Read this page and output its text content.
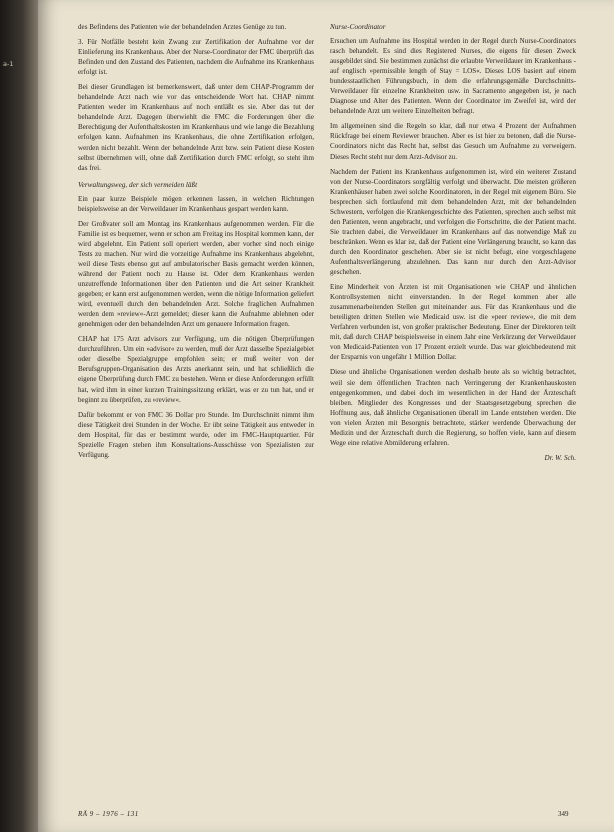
a-1

des Befindens des Patienten wie der behandelnden Arztes Genüge zu tun.

3. Für Notfälle besteht kein Zwang zur Zertifikation der Aufnahme vor der Einlieferung ins Krankenhaus. Aber der Nurse-Coordinator der FMC überprüft das Befinden und den Zustand des Patienten, nachdem die Aufnahme ins Krankenhaus erfolgt ist.

Bei dieser Grundlagen ist bemerkenswert, daß unter dem CHAP-Programm der behandelnde Arzt nach wie vor das entscheidende Wort hat. CHAP nimmt Patienten weder im Krankenhaus auf noch entläßt es sie. Aber das tut der behandelnde Arzt. Dagegen überwiehlt die FMC die Forderungen über die Berechtigung der Aufenthaltskosten im Krankenhaus und wie lange die Bezahlung erfolgen kann. Aufnahmen ins Krankenhaus, die ohne Zertifikation erfolgen, werden nicht bezahlt. Wenn der behandelnde Arzt bzw. sein Patient diese Kosten selbst übernehmen will, ohne daß Zertifikation durch FMC erfolgt, so steht ihm das frei.

Verwaltungsweg, der sich vermeiden läßt

Ein paar kurze Beispiele mögen erkennen lassen, in welchen Richtungen beispielsweise an der Verweildauer im Krankenhaus gespart werden kann.

Der Großvater soll am Montag ins Krankenhaus aufgenommen werden. Für die Familie ist es bequemer, wenn er schon am Freitag ins Hospital kommen kann, der wird abgelehnt. Ein Patient soll operiert werden, aber vorher sind noch einige Tests zu machen. Nur wird die vorzeitige Aufnahme ins Krankenhaus abgelehnt, weil diese Tests ebenso gut auf ambulatorischer Basis gemacht werden können, während der Patient noch zu Hause ist. Oder dem Krankenhaus werden unzutreffende Informationen über den Patienten und die Art seiner Krankheit gegeben; er kann erst aufgenommen werden, wenn die nötige Information geliefert wird, eventuell durch den behandelnden Arzt. Solche fraglichen Aufnahmen werden dem »review«-Arzt gemeldet; dieser kann die Aufnahme ablehnen oder genehmigen oder den behandelnden Arzt um genauere Information fragen.

CHAP hat 175 Arzt advisors zur Verfügung, um die nötigen Überprüfungen durchzuführen. Um ein »advisor« zu werden, muß der Arzt dasselbe Spezialgebiet oder dieselbe Spezialgruppe empfohlen sein; er muß weiter von der Berufsgruppen-Organisation des Arzts anerkannt sein, und hat schließlich die eigene Überprüfung durch FMC zu bestehen. Wenn er diese Anforderungen erfüllt hat, wird ihm in einer kurzen Trainingssitzung erklärt, was er zu tun hat, und er beginnt zu überprüfen, zu »review«.

Dafür bekommt er von FMC 36 Dollar pro Stunde. Im Durchschnitt nimmt ihm diese Tätigkeit drei Stunden in der Woche. Er übt seine Tätigkeit aus entweder in dem Hospital, für das er bestimmt wurde, oder im FMC-Hauptquartier. Für Spezielle Fragen stehen ihm Konsultations-Ausschüsse von Spezialisten zur Verfügung.

Nurse-Coordinator

Ersuchen um Aufnahme ins Hospital werden in der Regel durch Nurse-Coordinators rasch behandelt. Es sind dies Registered Nurses, die eigens für diesen Zweck ausgebildet sind. Sie bestimmen zunächst die erlaubte Verweildauer im Krankenhaus - auf englisch »permissible length of Stay = LOS«. Dieses LOS basiert auf einem bundesstaatlichen Führungsbuch, in dem die erfahrungsgemäße Durchschnitts-Verweildauer für einzelne Krankheiten usw. in Sacramento angegeben ist, je nach Diagnose und Alter des Patienten. Wenn der Coordinator im Zweifel ist, wird der behandelnde Arzt um weitere Einzelheiten befragt.

Im allgemeinen sind die Regeln so klar, daß nur etwa 4 Prozent der Aufnahmen Rückfrage bei einem Reviewer brauchen. Aber es ist hier zu betonen, daß die Nurse-Coordinators nicht das Recht hat, selbst das Gesuch um Aufnahme zu verweigern. Dieses Recht steht nur dem Arzt-Advisor zu.

Nachdem der Patient ins Krankenhaus aufgenommen ist, wird ein weiterer Zustand von der Nurse-Coordinators sorgfältig verfolgt und überwacht. Die meisten größeren Krankenhäuser haben zwei solche Koordinatoren, in der Regel mit eigenem Büro. Sie besprechen sich fortlaufend mit dem behandelnden Arzt, mit der behandelnden Schwestern, verfolgen die Krankengeschichte des Patienten, sprechen auch selbst mit den Patienten, wenn angebracht, und verfolgen die Fortschritte, die der Patient macht. Sie trachten dabei, die Verweildauer im Krankenhaus auf das notwendige Maß zu beschränken. Wenn es klar ist, daß der Patient eine Verlängerung braucht, so kann das durch den Koordinator geschehen. Aber sie ist nicht befugt, eine vorgeschlagene Aufenthaltsverlängerung abzulehnen. Das kann nur durch den Arzt-Advisor geschehen.

Eine Minderheit von Ärzten ist mit Organisationen wie CHAP und ähnlichen Kontrollsystemen nicht einverstanden. In der Regel kommen aber alle zusammenarbeitenden Stellen gut miteinander aus. Für das Krankenhaus und die beteiligten dritten Stellen wie Medicaid usw. ist die »peer review«, die mit dem Verfahren verbunden ist, von großer praktischer Bedeutung. Einer der Direktoren teilt mit, daß durch CHAP beispielsweise in einem Jahr eine Verkürzung der Verweildauer von Medicaid-Patienten von 17 Prozent erzielt wurde. Das war gleichbedeutend mit der Ersparnis von ungefähr 1 Million Dollar.

Diese und ähnliche Organisationen werden deshalb heute als so wichtig betrachtet, weil sie dem öffentlichen Trachten nach Verringerung der Krankenhauskosten entgegenkommen, und dabei doch im wesentlichen in der Hand der Ärzteschaft bleiben. Mitglieder des Kongresses und der Staatsgesetzgebung sprechen die Hoffnung aus, daß ähnliche Organisationen überall im Lande entstehen werden. Die von vielen Ärzten mit Besorgnis betrachtete, stärker werdende Überwachung der Medizin und der Ärzteschaft durch die Regierung, so hoffen viele, kann auf diesem Wege eine relative Abmilderung erfahren.

Dr. W. Sch.
RÄ 9 – 1976 – 131	349
